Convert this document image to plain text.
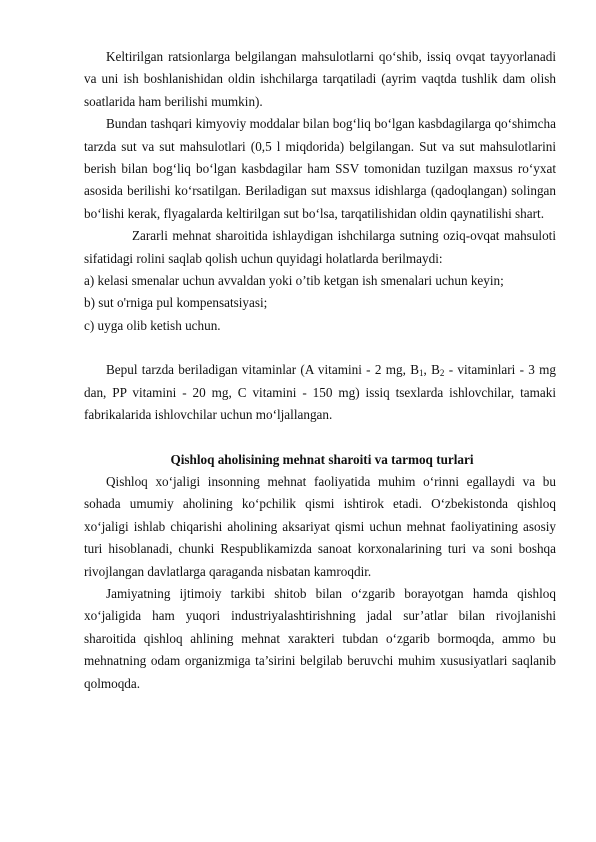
Keltirilgan ratsionlarga belgilangan mahsulotlarni qo‘shib, issiq ovqat tayyorlanadi va uni ish boshlanishidan oldin ishchilarga tarqatiladi (ayrim vaqtda tushlik dam olish soatlarida ham berilishi mumkin).

Bundan tashqari kimyoviy moddalar bilan bog‘liq bo‘lgan kasbdagilarga qo‘shimcha tarzda sut va sut mahsulotlari (0,5 l miqdorida) belgilangan. Sut va sut mahsulotlarini berish bilan bog‘liq bo‘lgan kasbdagilar ham SSV tomonidan tuzilgan maxsus ro‘yxat asosida berilishi ko‘rsatilgan. Beriladigan sut maxsus idishlarga (qadoqlangan) solingan bo‘lishi kerak, flyagalarda keltirilgan sut bo‘lsa, tarqatilishidan oldin qaynatilishi shart.

Zararli mehnat sharoitida ishlaydigan ishchilarga sutning oziq-ovqat mahsuloti sifatidagi rolini saqlab qolish uchun quyidagi holatlarda berilmaydi:

a) kelasi smenalar uchun avvaldan yoki o’tib ketgan ish smenalari uchun keyin;

b) sut o'rniga pul kompensatsiyasi;

c) uyga olib ketish uchun.

Bepul tarzda beriladigan vitaminlar (A vitamini - 2 mg, $B_1$, $B_2$ - vitaminlari - 3 mg dan, PP vitamini - 20 mg, C vitamini - 150 mg) issiq tsexlarda ishlovchilar, tamaki fabrikalarida ishlovchilar uchun mo‘ljallangan.

Qishloq aholisining mehnat sharoiti va tarmoq turlari

Qishloq xo‘jaligi insonning mehnat faoliyatida muhim o‘rinni egallaydi va bu sohada umumiy aholining ko‘pchilik qismi ishtirok etadi. O‘zbekistonda qishloq xo‘jaligi ishlab chiqarishi aholining aksariyat qismi uchun mehnat faoliyatining asosiy turi hisoblanadi, chunki Respublikamizda sanoat korxonalarining turi va soni boshqa rivojlangan davlatlarga qaraganda nisbatan kamroqdir.

Jamiyatning ijtimoiy tarkibi shitob bilan o‘zgarib borayotgan hamda qishloq xo‘jaligida ham yuqori industriyalashtirishning jadal sur’atlar bilan rivojlanishi sharoitida qishloq ahlining mehnat xarakteri tubdan o‘zgarib bormoqda, ammo bu mehnatning odam organizmiga ta’sirini belgilab beruvchi muhim xususiyatlari saqlanib qolmoqda.
